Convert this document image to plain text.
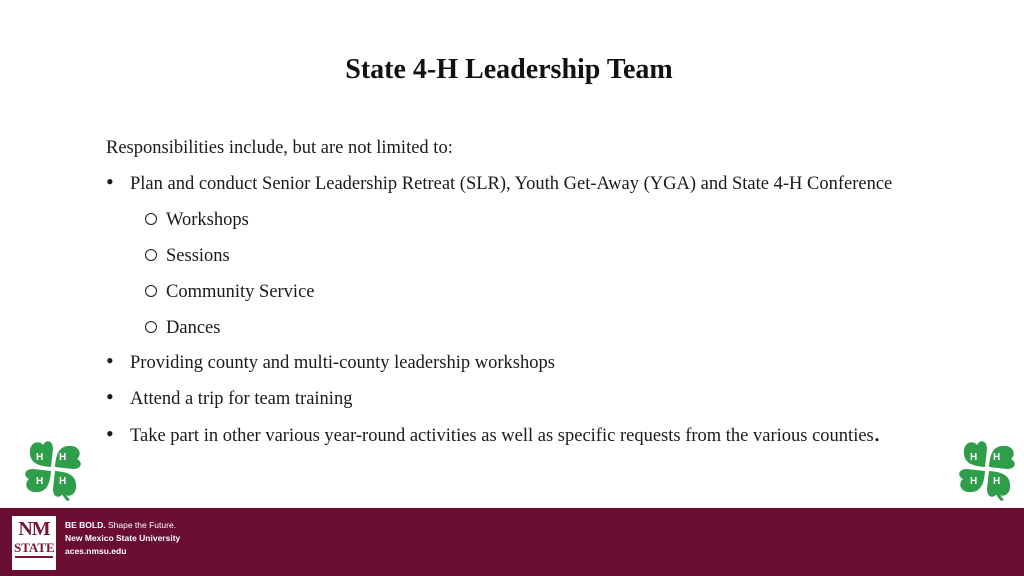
State 4-H Leadership Team
Responsibilities include, but are not limited to:
• Plan and conduct Senior Leadership Retreat (SLR), Youth Get-Away (YGA) and State 4-H Conference
Workshops
Sessions
Community Service
Dances
• Providing county and multi-county leadership workshops
• Attend a trip for team training
• Take part in other various year-round activities as well as specific requests from the various counties.
H H
H H
H H
H H
NM
STATE
BE BOLD. Shape the Future.
New Mexico State University
aces.nmsu.edu
